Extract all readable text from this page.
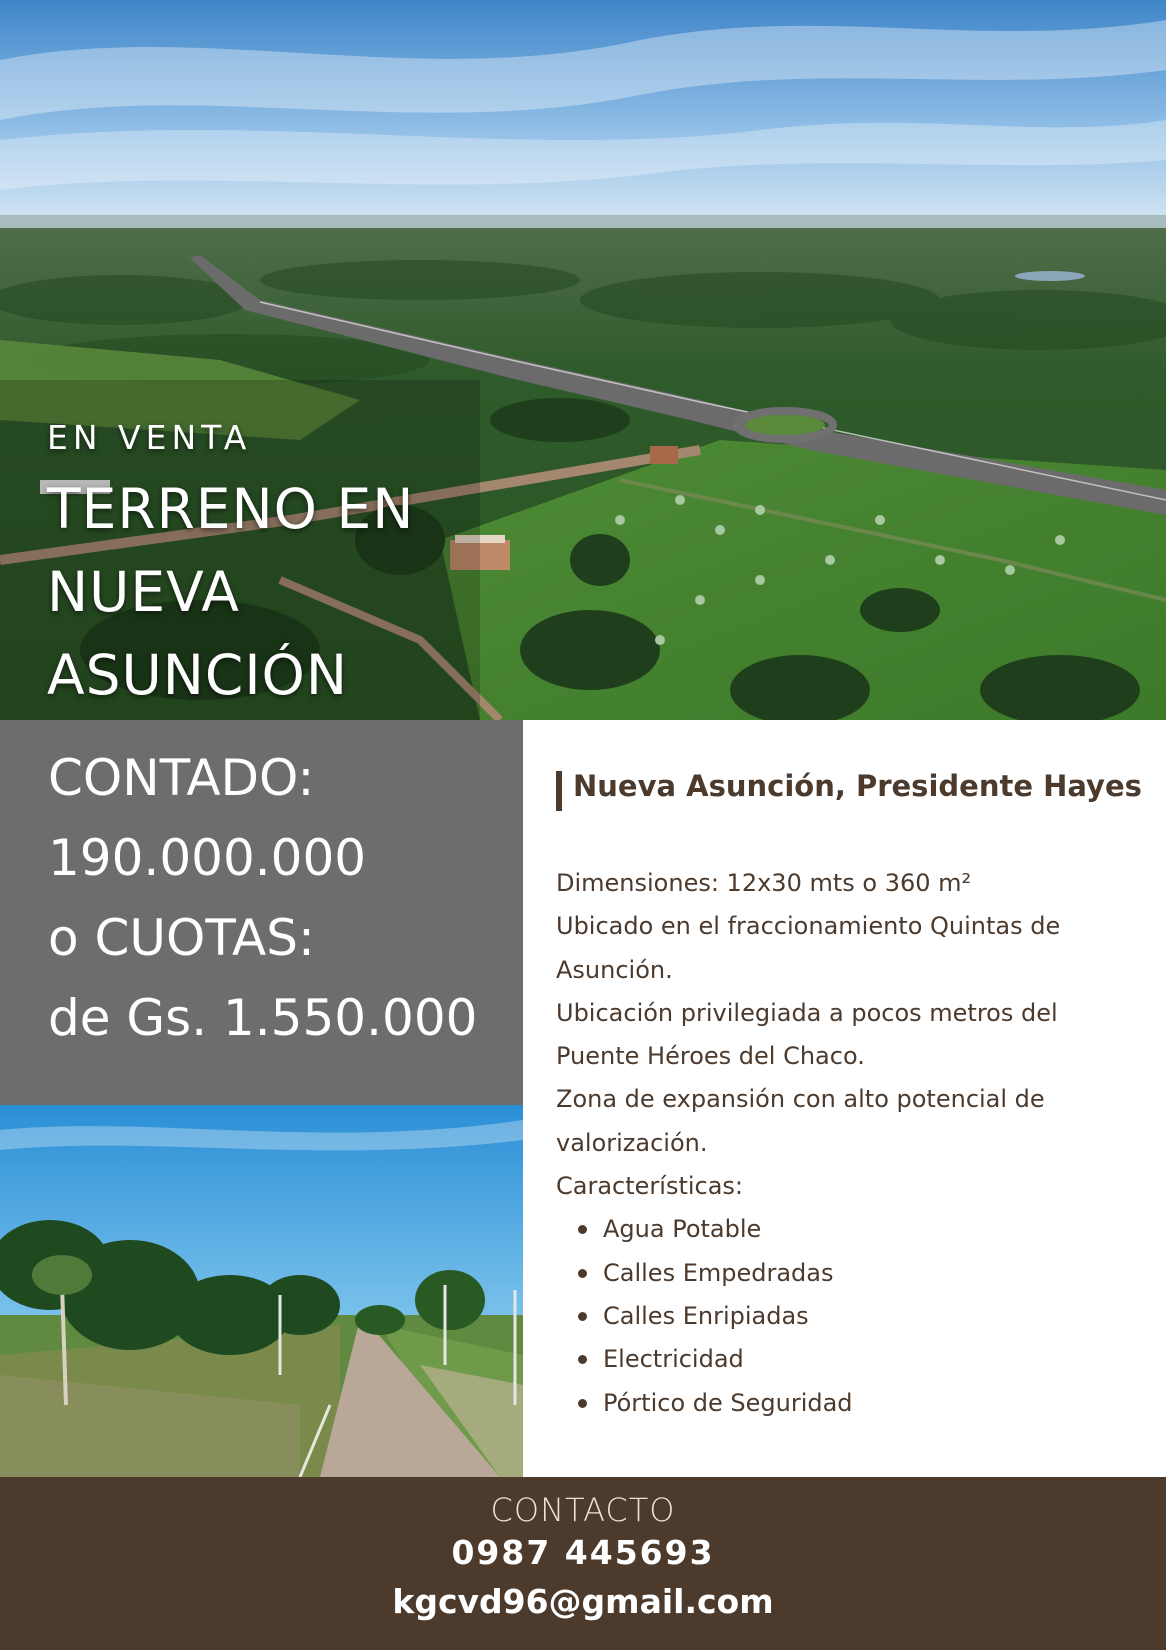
EN VENTA
TERRENO EN NUEVA ASUNCIÓN
CONTADO:
190.000.000
o CUOTAS:
de Gs. 1.550.000
Nueva Asunción, Presidente Hayes

Dimensiones: 12x30 mts o 360 m²

Ubicado en el fraccionamiento Quintas de Asunción.

Ubicación privilegiada a pocos metros del Puente Héroes del Chaco.

Zona de expansión con alto potencial de valorización.

Características:

Agua Potable
Calles Empedradas
Calles Enripiadas
Electricidad
Pórtico de Seguridad
CONTACTO
0987 445693
kgcvd96@gmail.com
